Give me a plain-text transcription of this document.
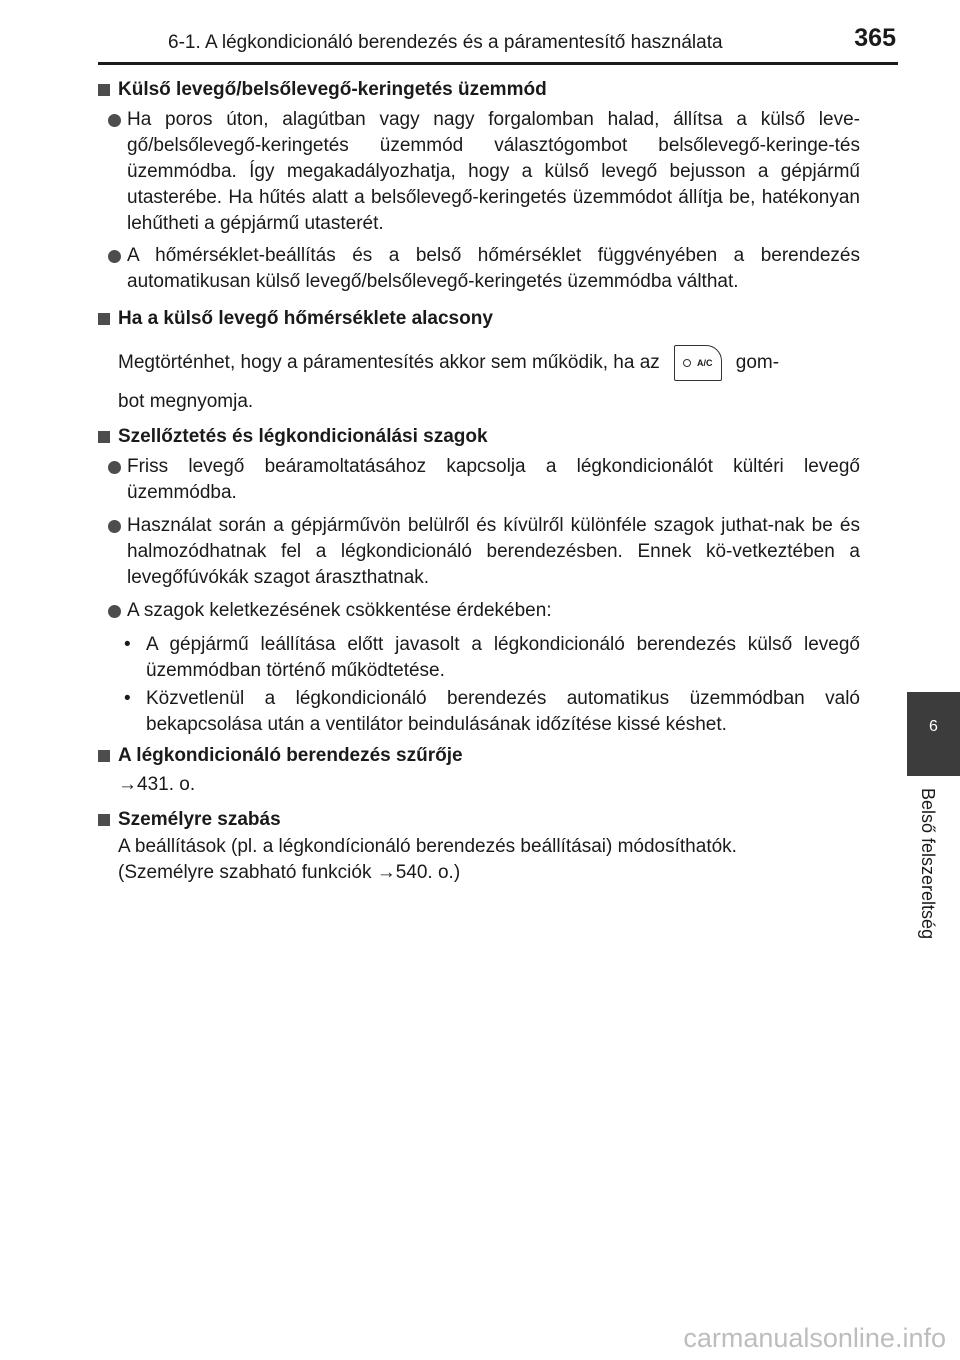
6-1. A légkondicionáló berendezés és a páramentesítő használata	365
Külső levegő/belsőlevegő-keringetés üzemmód
Ha poros úton, alagútban vagy nagy forgalomban halad, állítsa a külső leve-gő/belsőlevegő-keringetés üzemmód választógombot belsőlevegő-keringe-tés üzemmódba. Így megakadályozhatja, hogy a külső levegő bejusson a gépjármű utasterébe. Ha hűtés alatt a belsőlevegő-keringetés üzemmódot állítja be, hatékonyan lehűtheti a gépjármű utasterét.
A hőmérséklet-beállítás és a belső hőmérséklet függvényében a berendezés automatikusan külső levegő/belsőlevegő-keringetés üzemmódba válthat.
Ha a külső levegő hőmérséklete alacsony
Megtörténhet, hogy a páramentesítés akkor sem működik, ha az	A/C gom-
bot megnyomja.
Szellőztetés és légkondicionálási szagok
Friss levegő beáramoltatásához kapcsolja a légkondicionálót kültéri levegő üzemmódba.
Használat során a gépjárművön belülről és kívülről különféle szagok juthat-nak be és halmozódhatnak fel a légkondicionáló berendezésben. Ennek kö-vetkeztében a levegőfúvókák szagot áraszthatnak.
A szagok keletkezésének csökkentése érdekében:
• A gépjármű leállítása előtt javasolt a légkondicionáló berendezés külső levegő üzemmódban történő működtetése.
• Közvetlenül a légkondicionáló berendezés automatikus üzemmódban való bekapcsolása után a ventilátor beindulásának időzítése kissé késhet.
A légkondicionáló berendezés szűrője
→431. o.
Személyre szabás
A beállítások (pl. a légkondícionáló berendezés beállításai) módosíthatók.
(Személyre szabható funkciók →540. o.)
6
Belső felszereltség
carmanualsonline.info
